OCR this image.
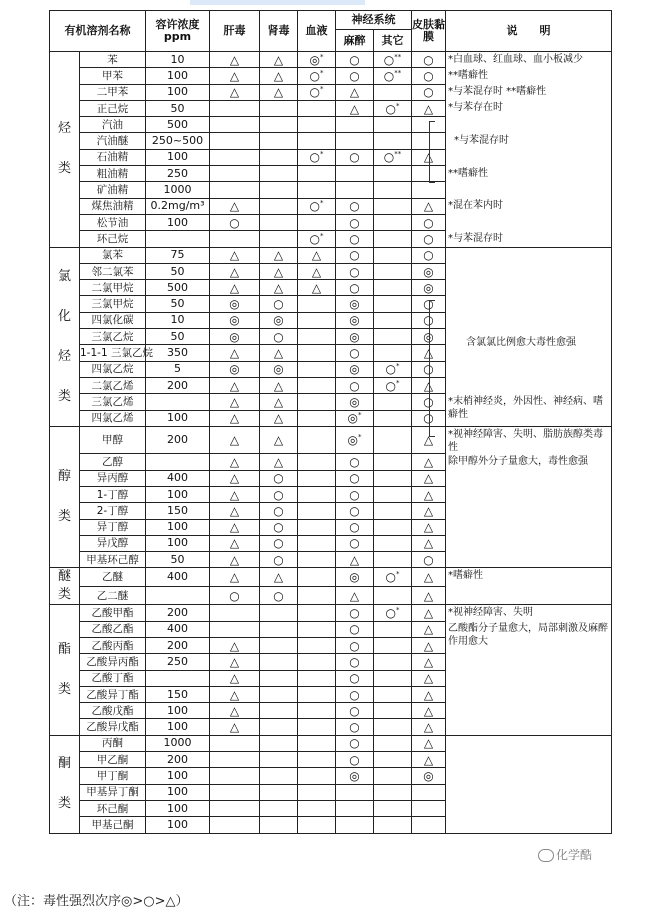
有机溶剂名称		容许浓度
ppm	肝毒	肾毒	血液	神经系统		皮肤黏膜	说　　明
						麻醉	其它		
烃类	苯	10	△	△	◎*	○	○**	○	*白血球、红血球、血小板减少

	甲苯	100	△	△	○*	○	○**	○	**嗜癖性

	二甲苯	100	△	△	○*	△		○	*与苯混存时 **嗜癖性

	正己烷	50				△	○*	△	*与苯存在时

	汽油	500							

	汽油醚	250~500							*与苯混存时

	石油精	100			○*	○	○**	△	
	粗油精	250							**嗜癖性

	矿油精	1000							

	煤焦油精	0.2mg/m³	△		○*	○		△	*混在苯内时

	松节油	100	○			○		○	

	环己烷				○*	○		○	*与苯混存时

氯化烃类	氯苯	75	△	△	△	○		○	

	邻二氯苯	50	△	△	△	○		◎	

	二氯甲烷	500	△	△	△	○		◎	

	三氯甲烷	50	◎	○		◎		○	

	四氯化碳	10	◎	◎		◎		○	含氯氯比例愈大毒性愈强

	三氯乙烷	50	◎	○		◎		◎	
	1-1-1 三氯乙烷	350	△	△		○		△	
	四氯乙烷	5	◎	◎		◎	○*	○	
	二氯乙烯	200	△	△		○	○*	△	
	三氯乙烯		△	△		◎		○	*末梢神经炎，外因性、神经病、嗜癖性

	四氯乙烯	100	△	△		◎*		○	
醇类	甲醇	200	△	△		◎*		△	*视神经障害、失明、脂肪族醇类毒性

	乙醇		△	△		○		△	除甲醇外分子量愈大，毒性愈强

	异丙醇	400	△	○		○		△	
	1-丁醇	100	△	○		○		△	
	2-丁醇	150	△	○		○		△	
	异丁醇	100	△	○		○		△	
	异戊醇	100	△	○		○		△	
	甲基环己醇	50	△	○		△		○	
醚类	乙醚	400	△	△		◎	○*	△	*嗜癖性

	乙二醚		○	○		△		△	

酯类	乙酸甲酯	200				○	○*	△	*视神经障害、失明

	乙酸乙酯	400				○		△	乙酸酯分子量愈大，局部刺激及麻醉作用愈大

	乙酸丙酯	200	△			○		△	
	乙酸异丙酯	250	△			○		△	
	乙酸丁酯		△			○		△	
	乙酸异丁酯	150	△			○		△	
	乙酸戊酯	100	△			○		△	
	乙酸异戊酯	100	△			○		△	
酮类	丙酮	1000				○		△	

	甲乙酮	200				○		△	

	甲丁酮	100				◎		◎	

	甲基异丁酮	100							

	环己酮	100							

	甲基己酮	100							
化学酷
（注：毒性强烈次序◎>○>△）
